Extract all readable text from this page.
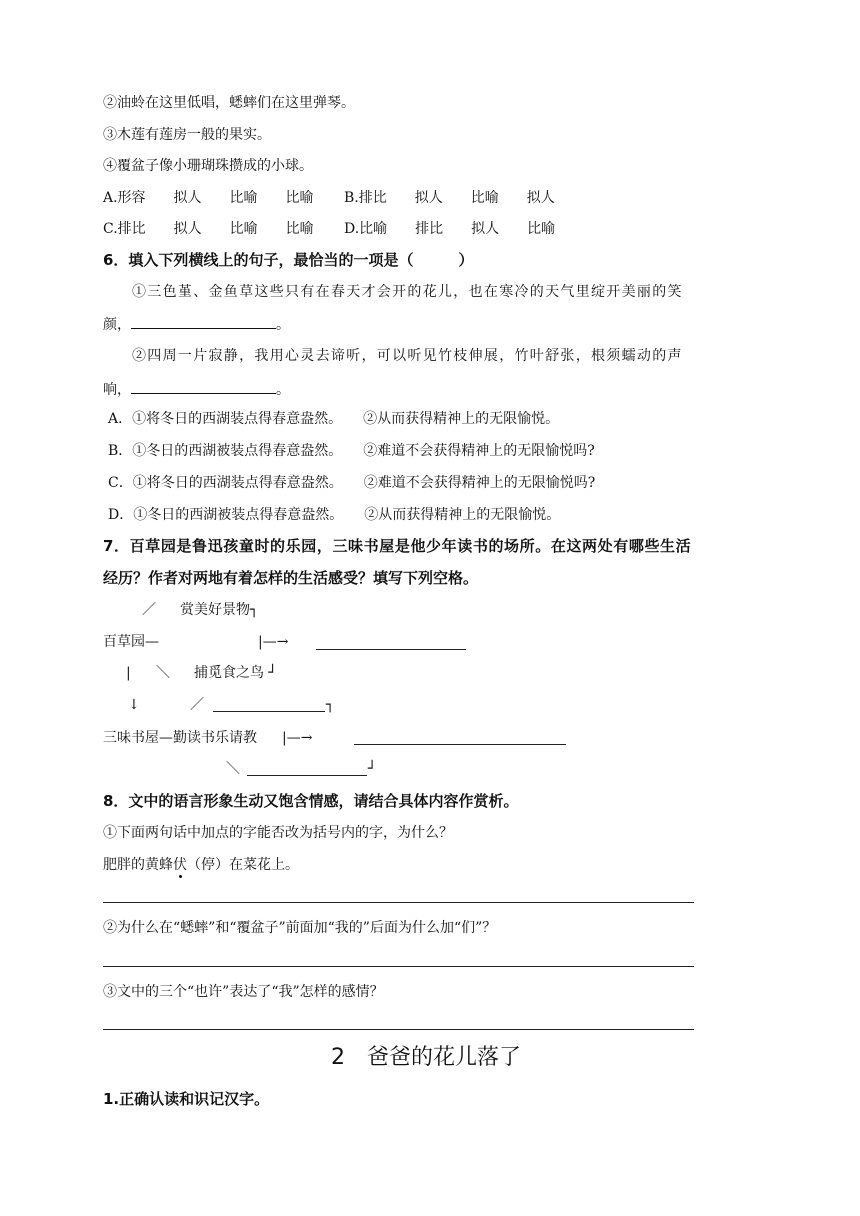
②油蛉在这里低唱，蟋蟀们在这里弹琴。
③木莲有莲房一般的果实。
④覆盆子像小珊瑚珠攒成的小球。
A.形容　　拟人　　比喻　　比喻 B.排比　　拟人　　比喻　　拟人
C.排比　　拟人　　比喻　　比喻 D.比喻　　排比　　拟人　　比喻
6．填入下列横线上的句子，最恰当的一项是（　　　）
①三色堇、金鱼草这些只有在春天才会开的花儿，也在寒冷的天气里绽开美丽的笑
颜，	。
②四周一片寂静，我用心灵去谛听，可以听见竹枝伸展，竹叶舒张，根须蠕动的声
响，	。
A．①将冬日的西湖装点得春意盎然。　　②从而获得精神上的无限愉悦。
B．①冬日的西湖被装点得春意盎然。　　②难道不会获得精神上的无限愉悦吗?
C．①将冬日的西湖装点得春意盎然。　　②难道不会获得精神上的无限愉悦吗?
D．①冬日的西湖被装点得春意盎然。　　②从而获得精神上的无限愉悦。
7．百草园是鲁迅孩童时的乐园，三味书屋是他少年读书的场所。在这两处有哪些生活
经历？作者对两地有着怎样的生活感受？填写下列空格。
／ 赏美好景物┐
百草园—	|—→
| ＼ 捕觅食之鸟 ┘
↓	／	┐
三味书屋—勤读书乐请教 |—→
＼	┘
8．文中的语言形象生动又饱含情感，请结合具体内容作赏析。
①下面两句话中加点的字能否改为括号内的字，为什么？
肥胖的黄蜂伏（停）在菜花上。
②为什么在“蟋蟀”和“覆盆子”前面加“我的”后面为什么加“们”？
③文中的三个“也许”表达了“我”怎样的感情？
2　爸爸的花儿落了
1.正确认读和识记汉字。
